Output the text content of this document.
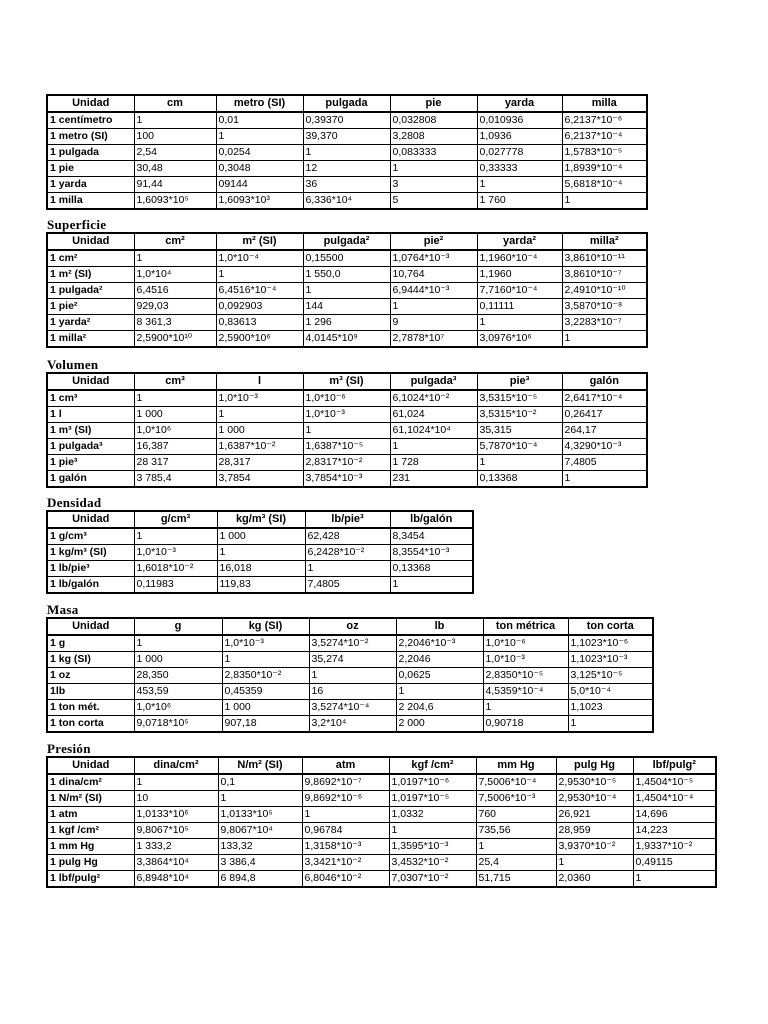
Unidad	cm	metro (SI)	pulgada	pie	yarda	milla
1 centímetro	1	0,01	0,39370	0,032808	0,010936	6,2137*10⁻⁶
1 metro (SI)	100	1	39,370	3,2808	1,0936	6,2137*10⁻⁴
1 pulgada	2,54	0,0254	1	0,083333	0,027778	1,5783*10⁻⁵
1 pie	30,48	0,3048	12	1	0,33333	1,8939*10⁻⁴
1 yarda	91,44	09144	36	3	1	5,6818*10⁻⁴
1 milla	1,6093*10⁵	1,6093*10³	6,336*10⁴	5	1 760	1
Superficie
Unidad	cm²	m² (SI)	pulgada²	pie²	yarda²	milla²
1 cm²	1	1,0*10⁻⁴	0,15500	1,0764*10⁻³	1,1960*10⁻⁴	3,8610*10⁻¹¹
1 m² (SI)	1,0*10⁴	1	1 550,0	10,764	1,1960	3,8610*10⁻⁷
1 pulgada²	6,4516	6,4516*10⁻⁴	1	6,9444*10⁻³	7,7160*10⁻⁴	2,4910*10⁻¹⁰
1 pie²	929,03	0,092903	144	1	0,11111	3,5870*10⁻⁸
1 yarda²	8 361,3	0,83613	1 296	9	1	3,2283*10⁻⁷
1 milla²	2,5900*10¹⁰	2,5900*10⁶	4,0145*10⁹	2,7878*10⁷	3,0976*10⁶	1
Volumen
Unidad	cm³	l	m³ (SI)	pulgada³	pie³	galón
1 cm³	1	1,0*10⁻³	1,0*10⁻⁶	6,1024*10⁻²	3,5315*10⁻⁵	2,6417*10⁻⁴
1 l	1 000	1	1,0*10⁻³	61,024	3,5315*10⁻²	0,26417
1 m³ (SI)	1,0*10⁶	1 000	1	61,1024*10⁴	35,315	264,17
1 pulgada³	16,387	1,6387*10⁻²	1,6387*10⁻⁵	1	5,7870*10⁻⁴	4,3290*10⁻³
1 pie³	28 317	28,317	2,8317*10⁻²	1 728	1	7,4805
1 galón	3 785,4	3,7854	3,7854*10⁻³	231	0,13368	1
Densidad
Unidad	g/cm³	kg/m³ (SI)	lb/pie³	lb/galón
1 g/cm³	1	1 000	62,428	8,3454
1 kg/m³ (SI)	1,0*10⁻³	1	6,2428*10⁻²	8,3554*10⁻³
1 lb/pie³	1,6018*10⁻²	16,018	1	0,13368
1 lb/galón	0,11983	119,83	7,4805	1
Masa
Unidad	g	kg (SI)	oz	lb	ton métrica	ton corta
1 g	1	1,0*10⁻³	3,5274*10⁻²	2,2046*10⁻³	1,0*10⁻⁶	1,1023*10⁻⁶
1 kg (SI)	1 000	1	35,274	2,2046	1,0*10⁻³	1,1023*10⁻³
1 oz	28,350	2,8350*10⁻²	1	0,0625	2,8350*10⁻⁵	3,125*10⁻⁵
1lb	453,59	0,45359	16	1	4,5359*10⁻⁴	5,0*10⁻⁴
1 ton mét.	1,0*10⁶	1 000	3,5274*10⁻⁴	2 204,6	1	1,1023
1 ton corta	9,0718*10⁵	907,18	3,2*10⁴	2 000	0,90718	1
Presión
Unidad	dina/cm²	N/m² (SI)	atm	kgf /cm²	mm Hg	pulg Hg	lbf/pulg²
1 dina/cm²	1	0,1	9,8692*10⁻⁷	1,0197*10⁻⁶	7,5006*10⁻⁴	2,9530*10⁻⁵	1,4504*10⁻⁵
1 N/m² (SI)	10	1	9,8692*10⁻⁶	1,0197*10⁻⁵	7,5006*10⁻³	2,9530*10⁻⁴	1,4504*10⁻⁴
1 atm	1,0133*10⁶	1,0133*10⁵	1	1,0332	760	26,921	14,696
1 kgf /cm²	9,8067*10⁵	9,8067*10⁴	0,96784	1	735,56	28,959	14,223
1 mm Hg	1 333,2	133,32	1,3158*10⁻³	1,3595*10⁻³	1	3,9370*10⁻²	1,9337*10⁻²
1 pulg Hg	3,3864*10⁴	3 386,4	3,3421*10⁻²	3,4532*10⁻²	25,4	1	0,49115
1 lbf/pulg²	6,8948*10⁴	6 894,8	6,8046*10⁻²	7,0307*10⁻²	51,715	2,0360	1
